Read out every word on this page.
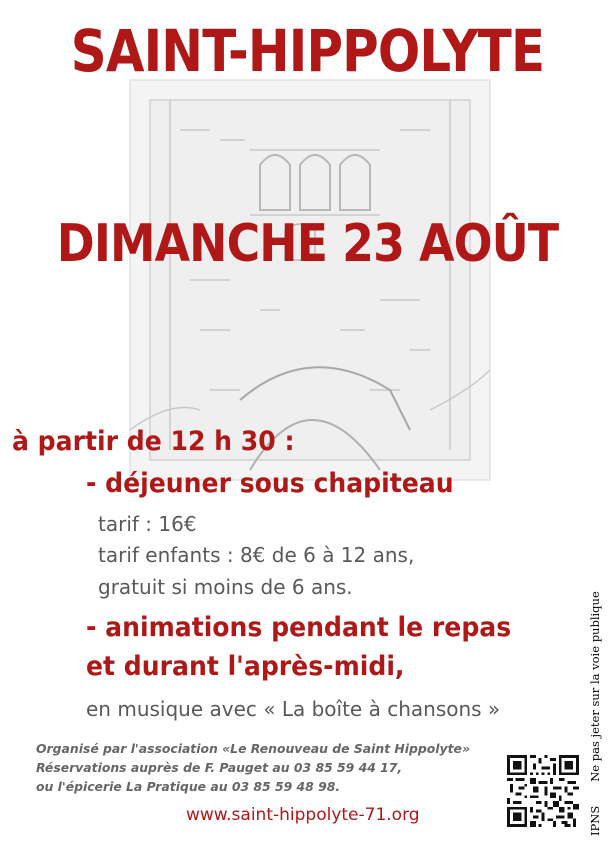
SAINT-HIPPOLYTE
DIMANCHE 23 AOÛT
à partir de 12 h 30 :
- déjeuner sous chapiteau
tarif : 16€
tarif enfants : 8€ de 6 à 12 ans,
gratuit si moins de 6 ans.
- animations pendant le repas
et durant l'après-midi,
en musique avec « La boîte à chansons »
Organisé par l'association «Le Renouveau de Saint Hippolyte»
Réservations auprès de F. Pauget au 03 85 59 44 17,
ou l'épicerie La Pratique au 03 85 59 48 98.
www.saint-hippolyte-71.org	IPNSNe pas jeter sur la voie publique
